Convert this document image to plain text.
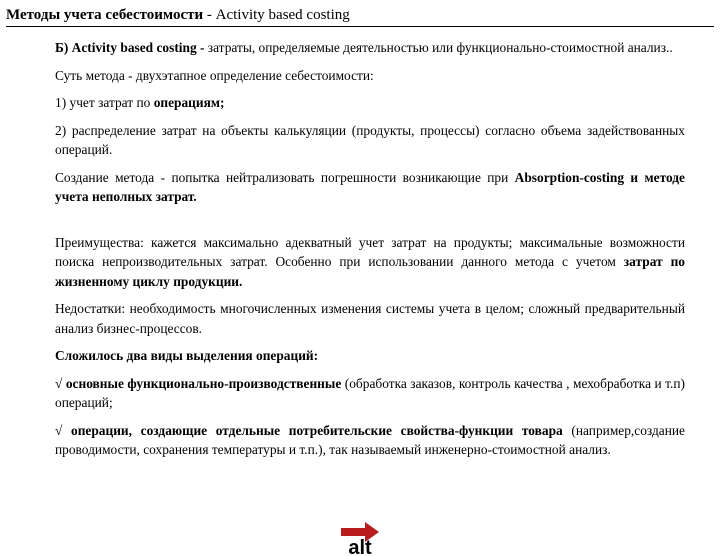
Методы учета себестоимости - Activity based costing

Б) Activity based costing - затраты, определяемые деятельностью или функционально-стоимостной анализ..

Суть метода - двухэтапное определение себестоимости:

1) учет затрат по операциям;

2) распределение затрат на объекты калькуляции (продукты, процессы) согласно объема задействованных операций.

Создание метода - попытка нейтрализовать погрешности возникающие при Absorption-costing и методе учета неполных затрат.

Преимущества: кажется максимально адекватный учет затрат на продукты; максимальные возможности поиска непроизводительных затрат. Особенно при использовании данного метода с учетом затрат по жизненному циклу продукции.

Недостатки: необходимость многочисленных изменения системы учета в целом; сложный предварительный анализ бизнес-процессов.

Сложилось два виды выделения операций:

√ основные функционально-производственные (обработка заказов, контроль качества , мехобработка и т.п) операций;

√ операции, создающие отдельные потребительские свойства-функции товара (например,создание проводимости, сохранения температуры и т.п.), так называемый инженерно-стоимостной анализ.

alt
